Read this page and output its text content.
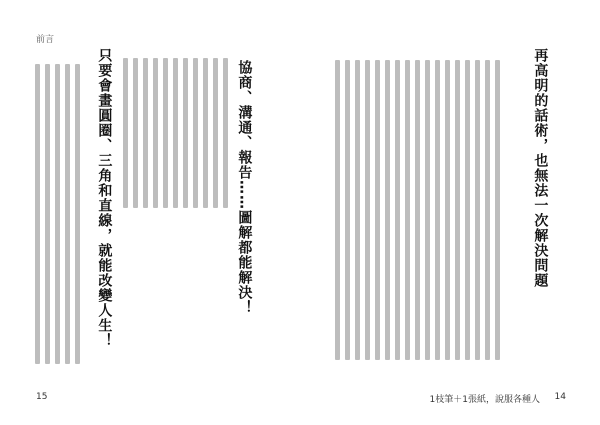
前言
協商、溝通、報告……圖解都能解決！
只要會畫圓圈、三角和直線，就能改變人生！
15
再高明的話術，也無法一次解決問題
1枝筆＋1張紙，說服各種人 14
